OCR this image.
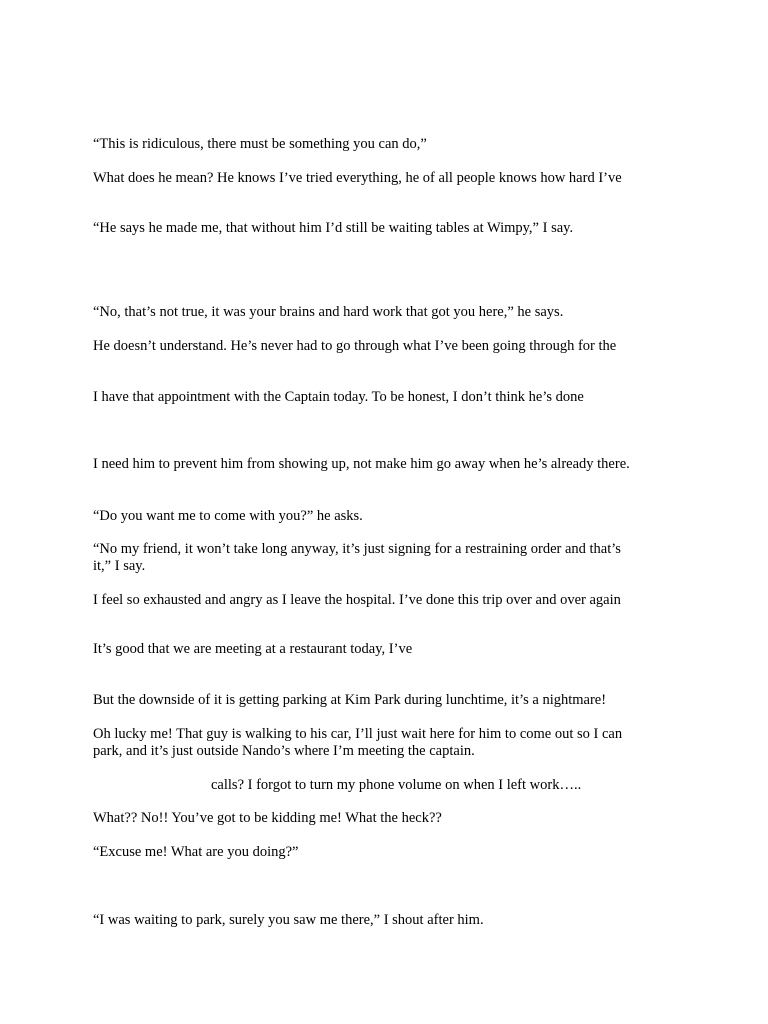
“This is ridiculous, there must be something you can do,”
What does he mean? He knows I’ve tried everything, he of all people knows how hard I’ve
“He says he made me, that without him I’d still be waiting tables at Wimpy,” I say.
“No, that’s not true, it was your brains and hard work that got you here,” he says.
He doesn’t understand. He’s never had to go through what I’ve been going through for the
I have that appointment with the Captain today. To be honest, I don’t think he’s done
I need him to prevent him from showing up, not make him go away when he’s already there.
“Do you want me to come with you?” he asks.
“No my friend, it won’t take long anyway, it’s just signing for a restraining order and that’s
it,” I say.
I feel so exhausted and angry as I leave the hospital. I’ve done this trip over and over again
It’s good that we are meeting at a restaurant today, I’ve
But the downside of it is getting parking at Kim Park during lunchtime, it’s a nightmare!
Oh lucky me! That guy is walking to his car, I’ll just wait here for him to come out so I can
park, and it’s just outside Nando’s where I’m meeting the captain.
calls? I forgot to turn my phone volume on when I left work…..
What?? No!! You’ve got to be kidding me! What the heck??
“Excuse me! What are you doing?”
“I was waiting to park, surely you saw me there,” I shout after him.
